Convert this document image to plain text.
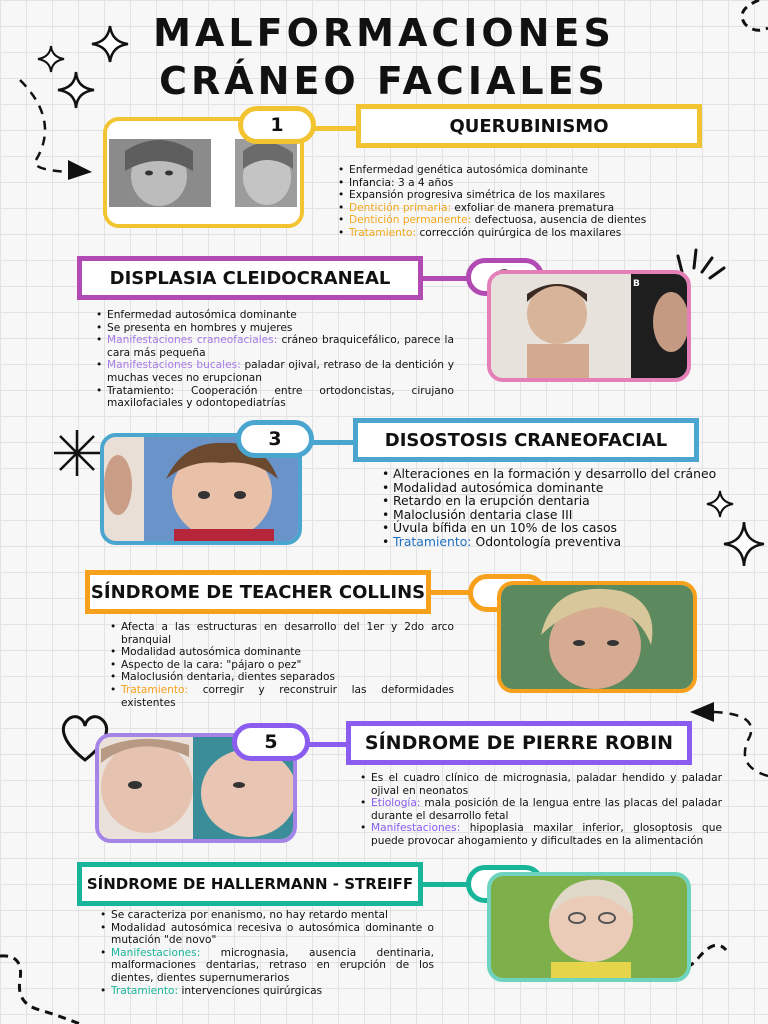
MALFORMACIONES
CRÁNEO FACIALES
1	QUERUBINISMO
• Enfermedad genética autosómica dominante
• Infancia: 3 a 4 años
• Expansión progresiva simétrica de los maxilares
• Dentición primaria: exfoliar de manera prematura
• Dentición permanente: defectuosa, ausencia de dientes
• Tratamiento: corrección quirúrgica de los maxilares
DISPLASIA CLEIDOCRANEAL	B
• Enfermedad autosómica dominante
• Se presenta en hombres y mujeres
• Manifestaciones craneofaciales: cráneo braquicefálico, parece la cara más pequeña
• Manifestaciones bucales: paladar ojival, retraso de la dentición y muchas veces no erupcionan
• Tratamiento: Cooperación entre ortodoncistas, cirujano maxilofaciales y odontopediatrías
3	DISOSTOSIS CRANEOFACIAL
• Alteraciones en la formación y desarrollo del cráneo
• Modalidad autosómica dominante
• Retardo en la erupción dentaria
• Maloclusión dentaria clase III
• Úvula bífida en un 10% de los casos
• Tratamiento: Odontología preventiva
SÍNDROME DE TEACHER COLLINS
• Afecta a las estructuras en desarrollo del 1er y 2do arco branquial
• Modalidad autosómica dominante
• Aspecto de la cara: "pájaro o pez"
• Maloclusión dentaria, dientes separados
• Tratamiento: corregir y reconstruir las deformidades existentes
5	SÍNDROME DE PIERRE ROBIN
• Es el cuadro clínico de micrognasia, paladar hendido y paladar ojival en neonatos
• Etiología: mala posición de la lengua entre las placas del paladar durante el desarrollo fetal
• Manifestaciones: hipoplasia maxilar inferior, glosoptosis que puede provocar ahogamiento y dificultades en la alimentación
SÍNDROME DE HALLERMANN - STREIFF
• Se caracteriza por enanismo, no hay retardo mental
• Modalidad autosómica recesiva o autosómica dominante o mutación "de novo"
• Manifestaciones: micrognasia, ausencia dentinaria, malformaciones dentarias, retraso en erupción de los dientes, dientes supernumerarios
• Tratamiento: intervenciones quirúrgicas
